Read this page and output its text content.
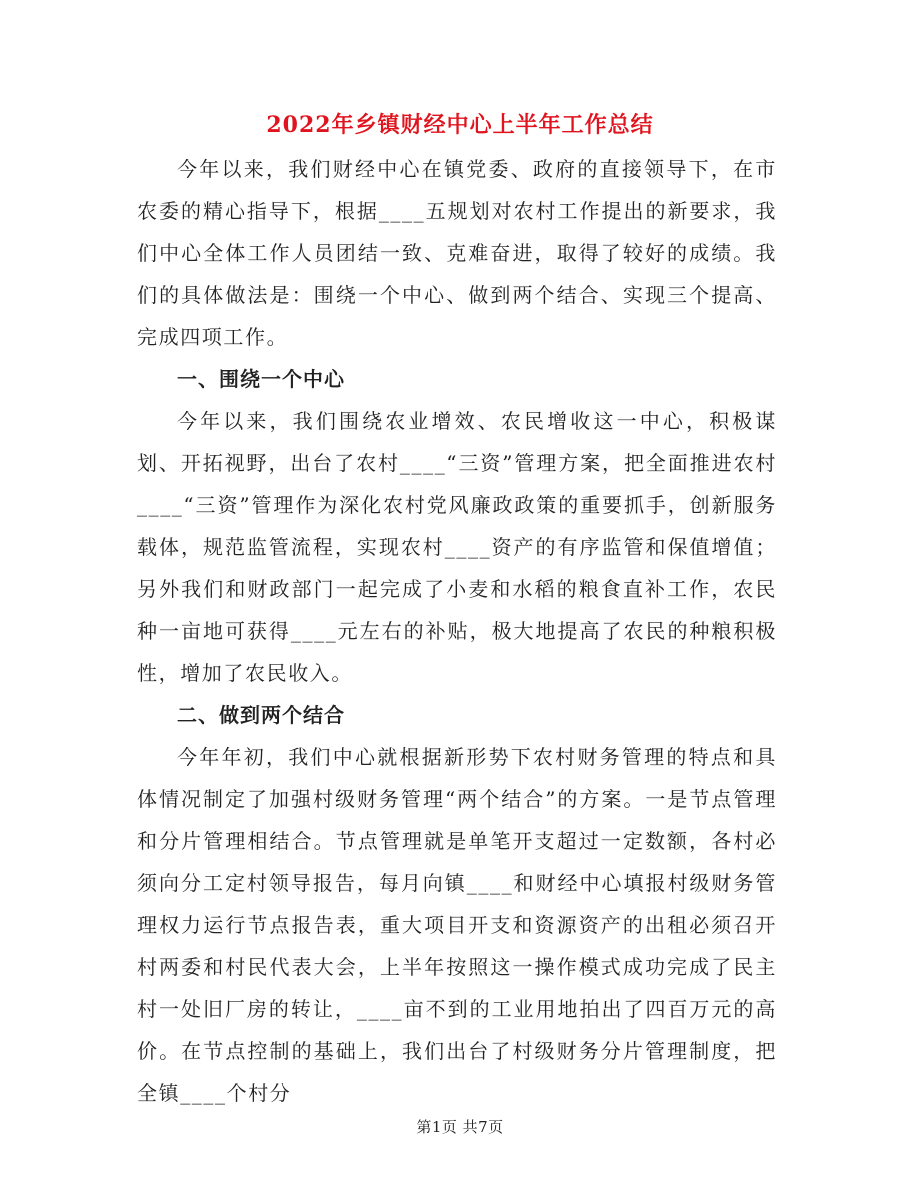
2022年乡镇财经中心上半年工作总结

今年以来，我们财经中心在镇党委、政府的直接领导下，在市农委的精心指导下，根据____五规划对农村工作提出的新要求，我们中心全体工作人员团结一致、克难奋进，取得了较好的成绩。我们的具体做法是：围绕一个中心、做到两个结合、实现三个提高、完成四项工作。

一、围绕一个中心

今年以来，我们围绕农业增效、农民增收这一中心，积极谋划、开拓视野，出台了农村____“三资”管理方案，把全面推进农村____“三资”管理作为深化农村党风廉政政策的重要抓手，创新服务载体，规范监管流程，实现农村____资产的有序监管和保值增值；另外我们和财政部门一起完成了小麦和水稻的粮食直补工作，农民种一亩地可获得____元左右的补贴，极大地提高了农民的种粮积极性，增加了农民收入。

二、做到两个结合

今年年初，我们中心就根据新形势下农村财务管理的特点和具体情况制定了加强村级财务管理“两个结合”的方案。一是节点管理和分片管理相结合。节点管理就是单笔开支超过一定数额，各村必须向分工定村领导报告，每月向镇____和财经中心填报村级财务管理权力运行节点报告表，重大项目开支和资源资产的出租必须召开村两委和村民代表大会，上半年按照这一操作模式成功完成了民主村一处旧厂房的转让，____亩不到的工业用地拍出了四百万元的高价。在节点控制的基础上，我们出台了村级财务分片管理制度，把全镇____个村分

第1页 共7页
